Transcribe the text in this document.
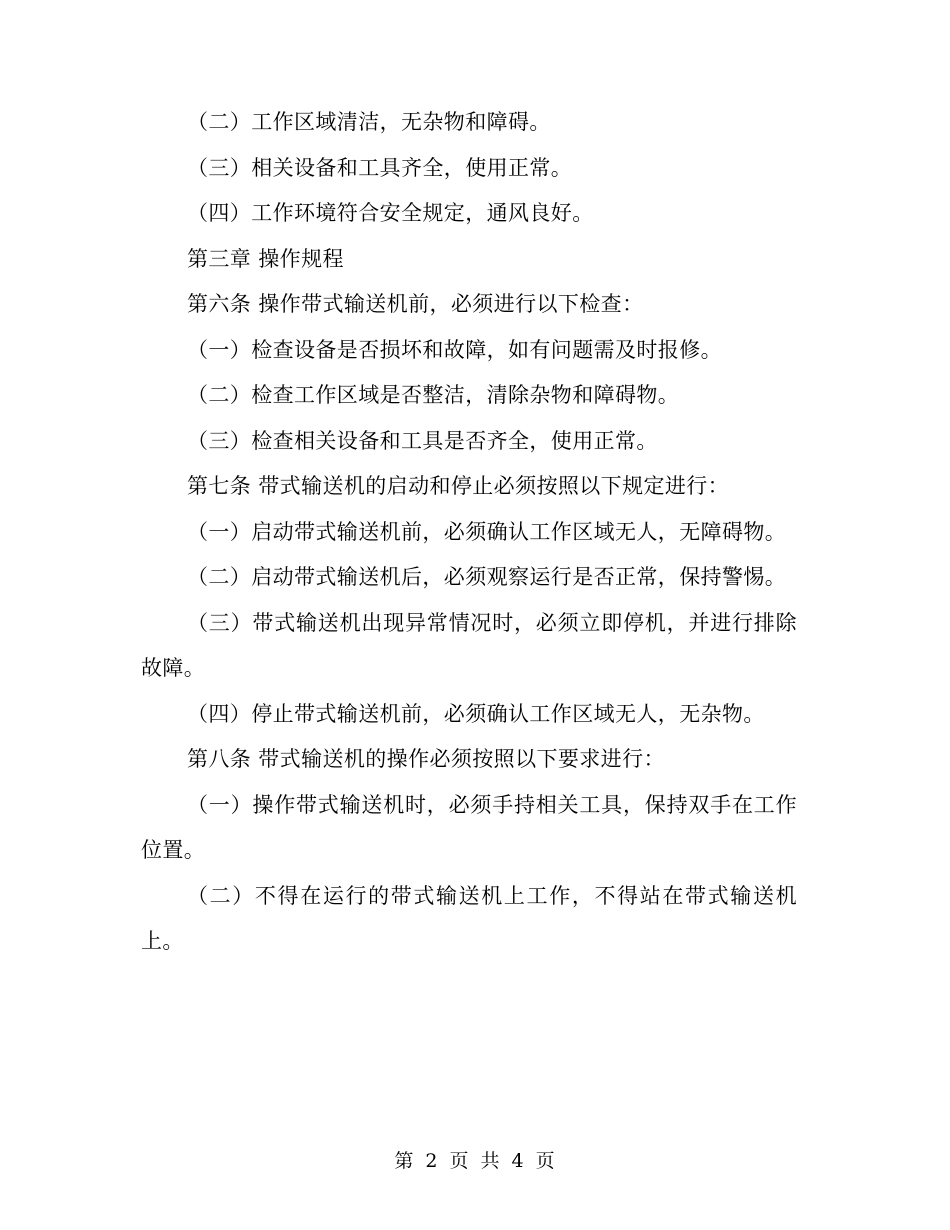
（二）工作区域清洁，无杂物和障碍。

（三）相关设备和工具齐全，使用正常。

（四）工作环境符合安全规定，通风良好。

第三章 操作规程

第六条 操作带式输送机前，必须进行以下检查：

（一）检查设备是否损坏和故障，如有问题需及时报修。

（二）检查工作区域是否整洁，清除杂物和障碍物。

（三）检查相关设备和工具是否齐全，使用正常。

第七条 带式输送机的启动和停止必须按照以下规定进行：

（一）启动带式输送机前，必须确认工作区域无人，无障碍物。

（二）启动带式输送机后，必须观察运行是否正常，保持警惕。

（三）带式输送机出现异常情况时，必须立即停机，并进行排除故障。

（四）停止带式输送机前，必须确认工作区域无人，无杂物。

第八条 带式输送机的操作必须按照以下要求进行：

（一）操作带式输送机时，必须手持相关工具，保持双手在工作位置。

（二）不得在运行的带式输送机上工作，不得站在带式输送机上。

第 2 页 共 4 页
